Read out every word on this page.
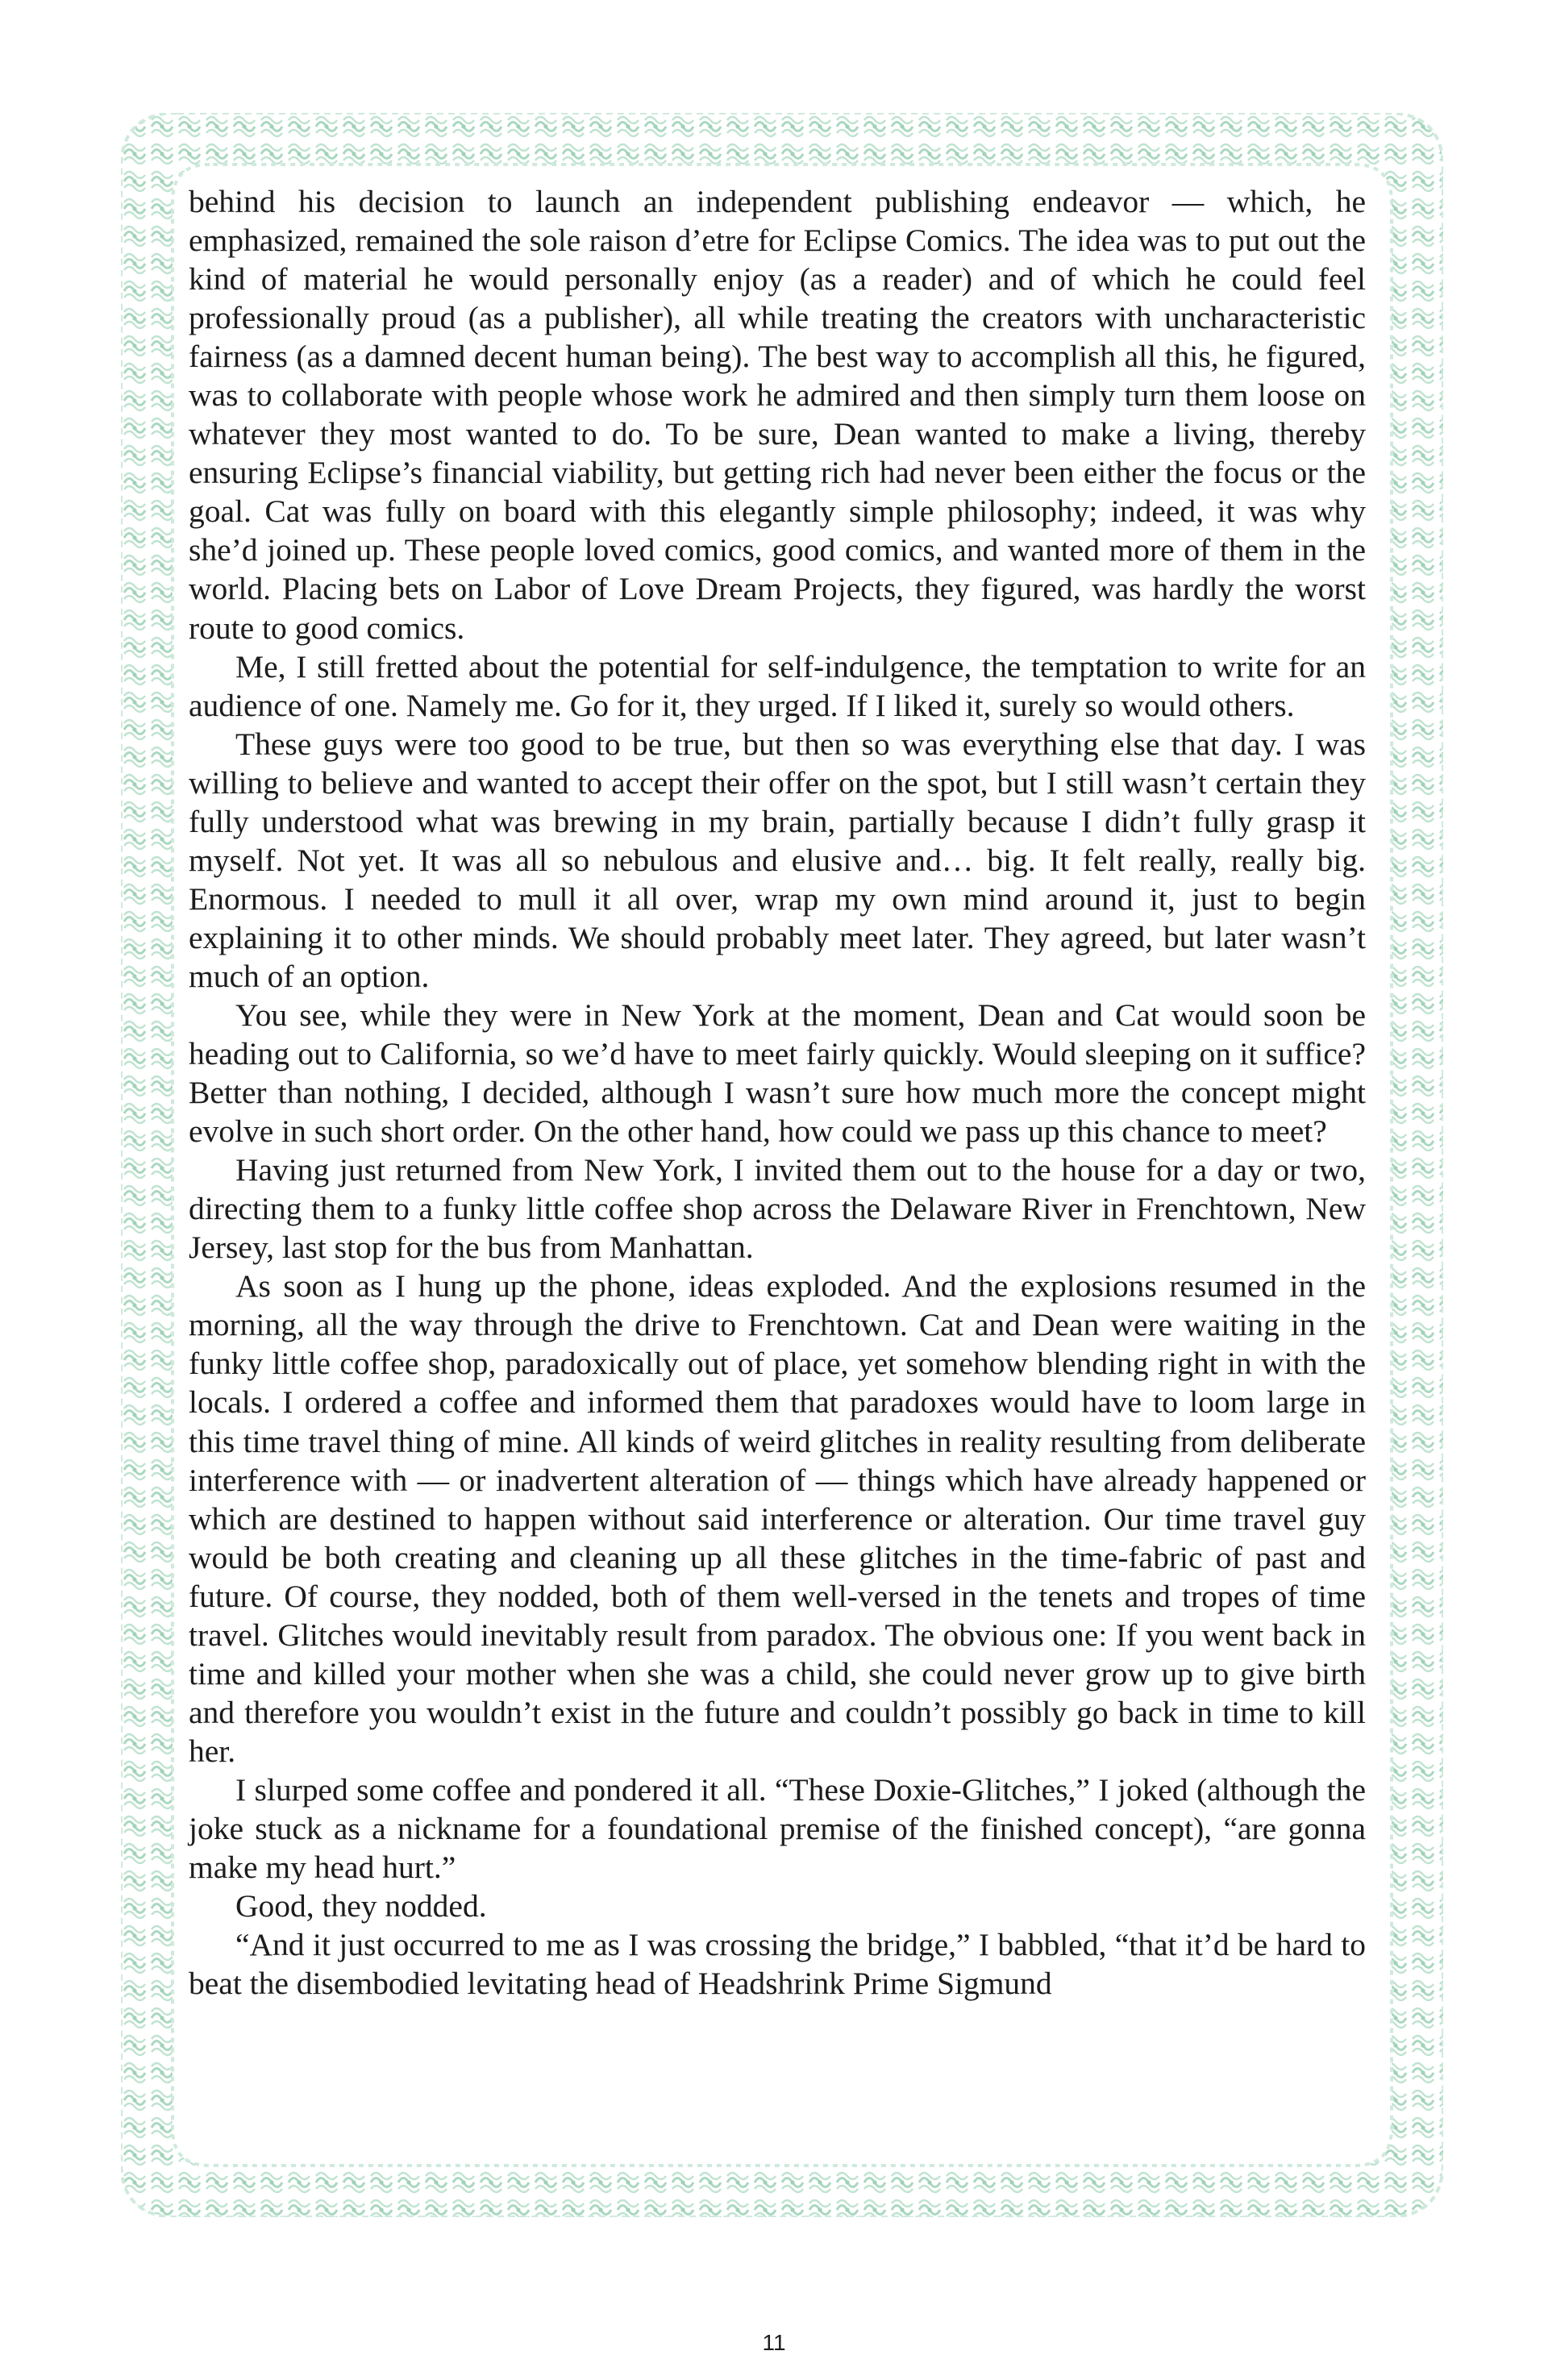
behind his decision to launch an independent publishing endeavor — which, he emphasized, remained the sole raison d’etre for Eclipse Comics. The idea was to put out the kind of material he would personally enjoy (as a reader) and of which he could feel professionally proud (as a publisher), all while treating the creators with uncharacteristic fairness (as a damned decent human being). The best way to accomplish all this, he figured, was to collaborate with people whose work he admired and then simply turn them loose on whatever they most wanted to do. To be sure, Dean wanted to make a living, thereby ensuring Eclipse’s financial viability, but getting rich had never been either the focus or the goal. Cat was fully on board with this elegantly simple philosophy; indeed, it was why she’d joined up. These people loved comics, good comics, and wanted more of them in the world. Placing bets on Labor of Love Dream Projects, they figured, was hardly the worst route to good comics.

Me, I still fretted about the potential for self-indulgence, the temptation to write for an audience of one. Namely me. Go for it, they urged. If I liked it, surely so would others.

These guys were too good to be true, but then so was everything else that day. I was willing to believe and wanted to accept their offer on the spot, but I still wasn’t certain they fully understood what was brewing in my brain, partially because I didn’t fully grasp it myself. Not yet. It was all so nebulous and elusive and… big. It felt really, really big. Enormous. I needed to mull it all over, wrap my own mind around it, just to begin explaining it to other minds. We should probably meet later. They agreed, but later wasn’t much of an option.

You see, while they were in New York at the moment, Dean and Cat would soon be heading out to California, so we’d have to meet fairly quickly. Would sleeping on it suffice? Better than nothing, I decided, although I wasn’t sure how much more the concept might evolve in such short order. On the other hand, how could we pass up this chance to meet?

Having just returned from New York, I invited them out to the house for a day or two, directing them to a funky little coffee shop across the Delaware River in Frenchtown, New Jersey, last stop for the bus from Manhattan.

As soon as I hung up the phone, ideas exploded. And the explosions resumed in the morning, all the way through the drive to Frenchtown. Cat and Dean were waiting in the funky little coffee shop, paradoxically out of place, yet somehow blending right in with the locals. I ordered a coffee and informed them that paradoxes would have to loom large in this time travel thing of mine. All kinds of weird glitches in reality resulting from deliberate interference with — or inadvertent alteration of — things which have already happened or which are destined to happen without said interference or alteration. Our time travel guy would be both creating and cleaning up all these glitches in the time-fabric of past and future. Of course, they nodded, both of them well-versed in the tenets and tropes of time travel. Glitches would inevitably result from paradox. The obvious one: If you went back in time and killed your mother when she was a child, she could never grow up to give birth and therefore you wouldn’t exist in the future and couldn’t possibly go back in time to kill her.

I slurped some coffee and pondered it all. “These Doxie-Glitches,” I joked (although the joke stuck as a nickname for a foundational premise of the finished concept), “are gonna make my head hurt.”

Good, they nodded.

“And it just occurred to me as I was crossing the bridge,” I babbled, “that it’d be hard to beat the disembodied levitating head of Headshrink Prime Sigmund

11
